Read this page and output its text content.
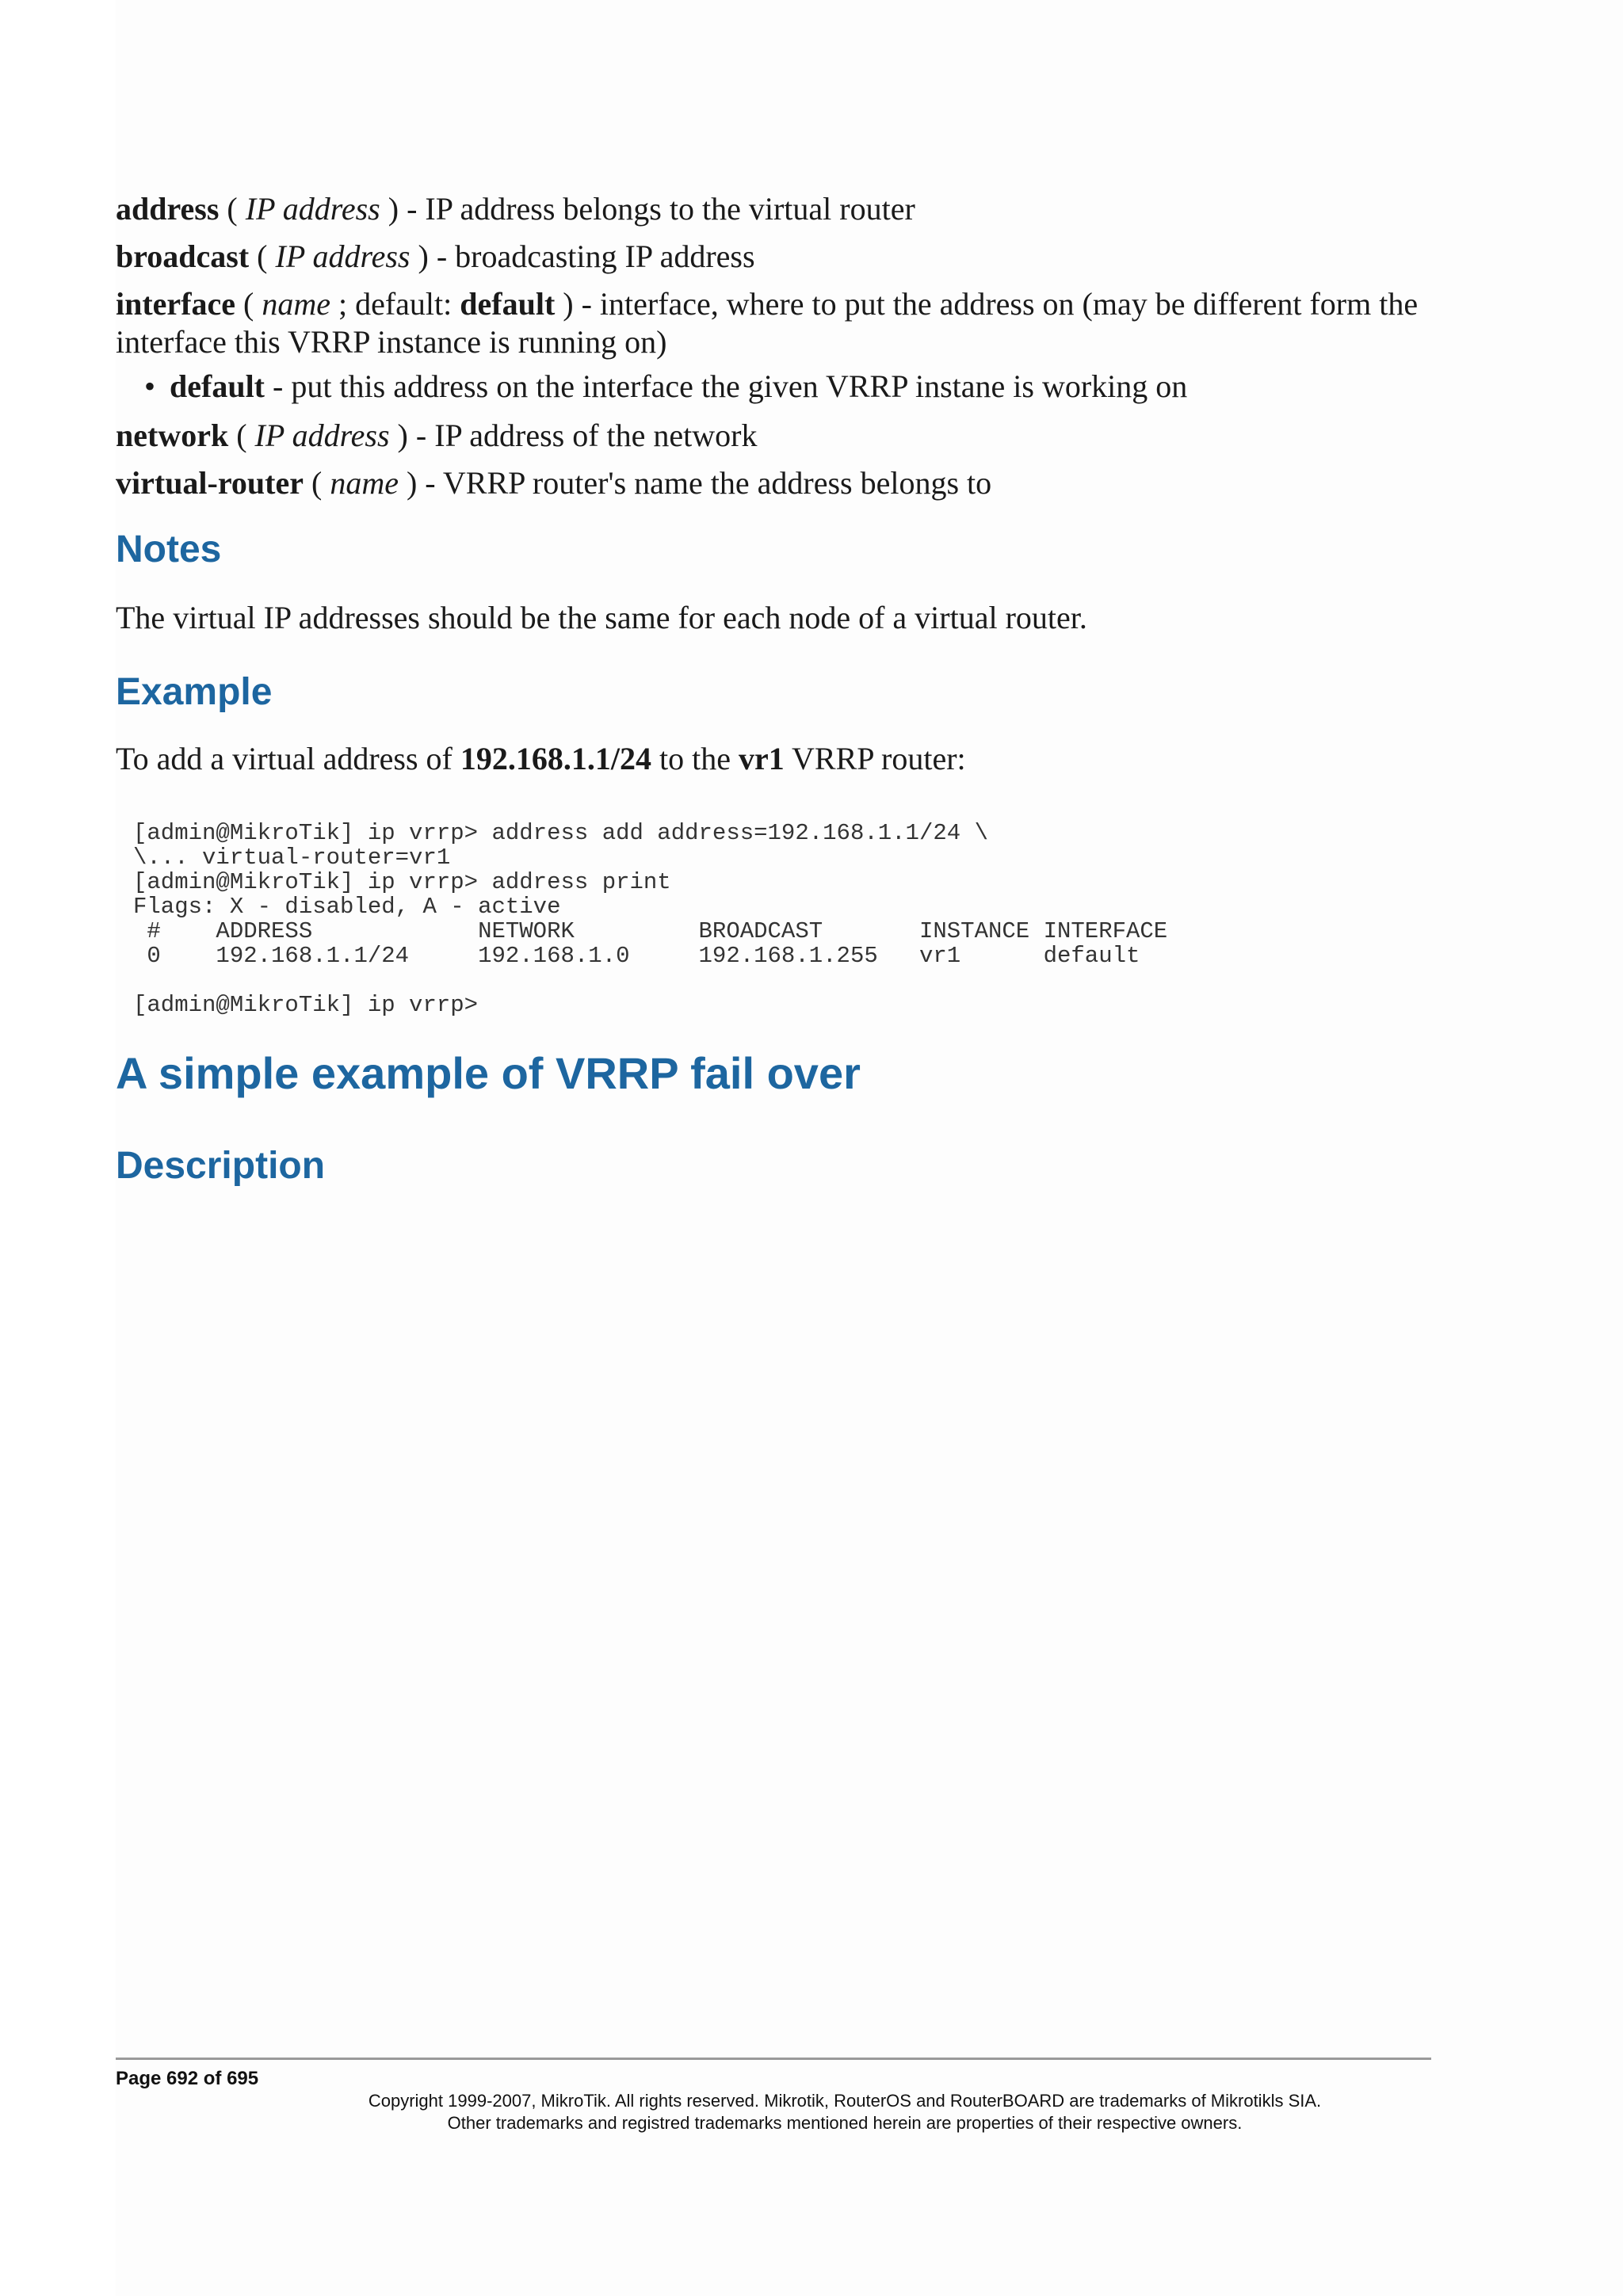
address ( IP address ) - IP address belongs to the virtual router
broadcast ( IP address ) - broadcasting IP address
interface ( name ; default: default ) - interface, where to put the address on (may be different form the interface this VRRP instance is running on)
• default - put this address on the interface the given VRRP instane is working on
network ( IP address ) - IP address of the network
virtual-router ( name ) - VRRP router's name the address belongs to
Notes

The virtual IP addresses should be the same for each node of a virtual router.

Example

To add a virtual address of 192.168.1.1/24 to the vr1 VRRP router:

[admin@MikroTik] ip vrrp> address add address=192.168.1.1/24 \
\... virtual-router=vr1
[admin@MikroTik] ip vrrp> address print
Flags: X - disabled, A - active
#    ADDRESS            NETWORK         BROADCAST       INSTANCE INTERFACE
0    192.168.1.1/24     192.168.1.0     192.168.1.255   vr1      default

[admin@MikroTik] ip vrrp>
A simple example of VRRP fail over
Description
Page 692 of 695
Copyright 1999-2007, MikroTik. All rights reserved. Mikrotik, RouterOS and RouterBOARD are trademarks of Mikrotikls SIA.
Other trademarks and registred trademarks mentioned herein are properties of their respective owners.
